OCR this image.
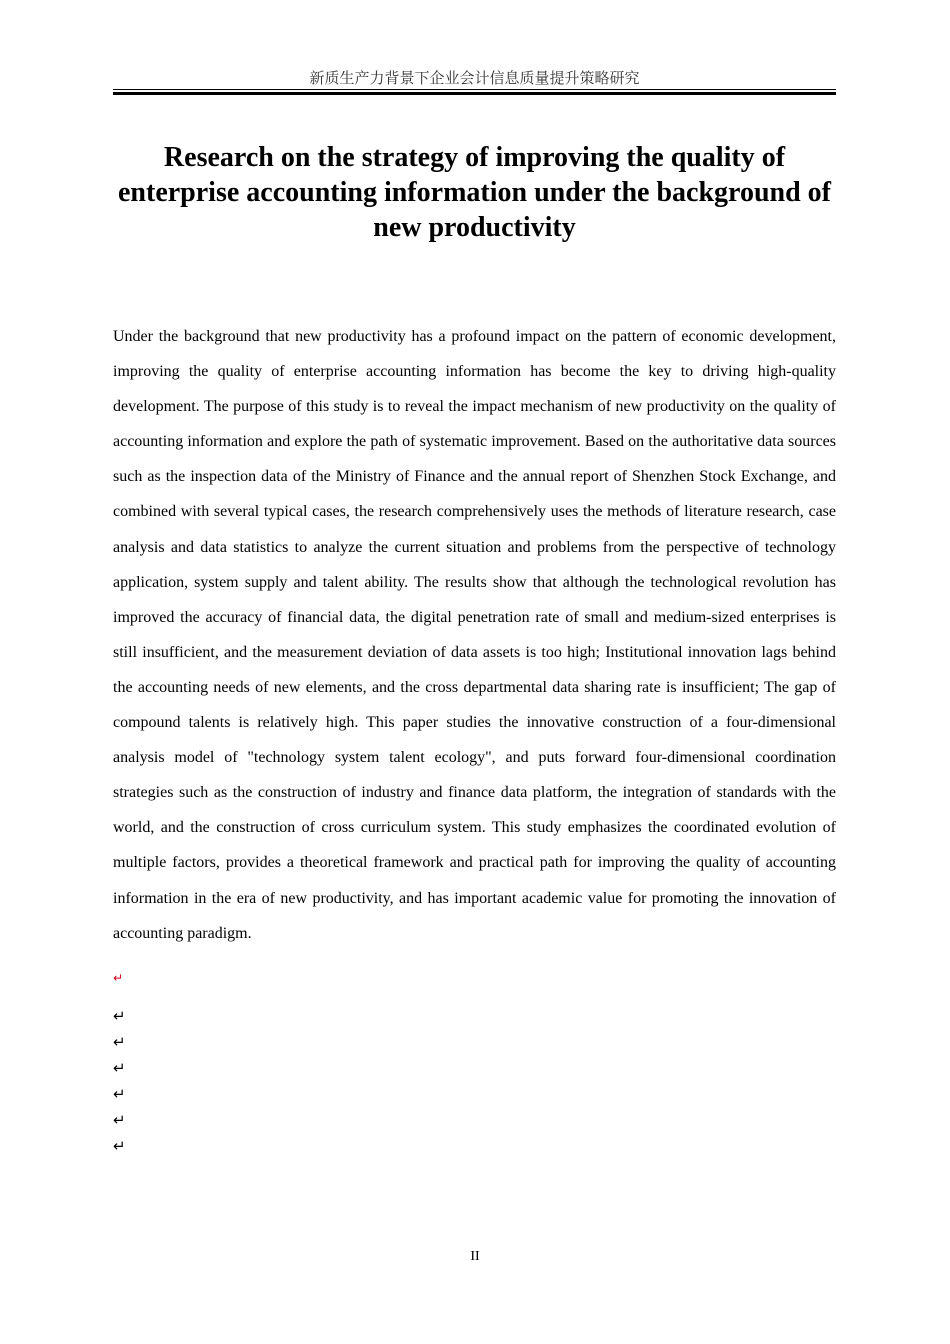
新质生产力背景下企业会计信息质量提升策略研究
Research on the strategy of improving the quality of enterprise accounting information under the background of new productivity

Under the background that new productivity has a profound impact on the pattern of economic development, improving the quality of enterprise accounting information has become the key to driving high-quality development. The purpose of this study is to reveal the impact mechanism of new productivity on the quality of accounting information and explore the path of systematic improvement. Based on the authoritative data sources such as the inspection data of the Ministry of Finance and the annual report of Shenzhen Stock Exchange, and combined with several typical cases, the research comprehensively uses the methods of literature research, case analysis and data statistics to analyze the current situation and problems from the perspective of technology application, system supply and talent ability. The results show that although the technological revolution has improved the accuracy of financial data, the digital penetration rate of small and medium-sized enterprises is still insufficient, and the measurement deviation of data assets is too high; Institutional innovation lags behind the accounting needs of new elements, and the cross departmental data sharing rate is insufficient; The gap of compound talents is relatively high. This paper studies the innovative construction of a four-dimensional analysis model of "technology system talent ecology", and puts forward four-dimensional coordination strategies such as the construction of industry and finance data platform, the integration of standards with the world, and the construction of cross curriculum system. This study emphasizes the coordinated evolution of multiple factors, provides a theoretical framework and practical path for improving the quality of accounting information in the era of new productivity, and has important academic value for promoting the innovation of accounting paradigm.

↵
↵
↵
↵
↵
↵
↵
II
